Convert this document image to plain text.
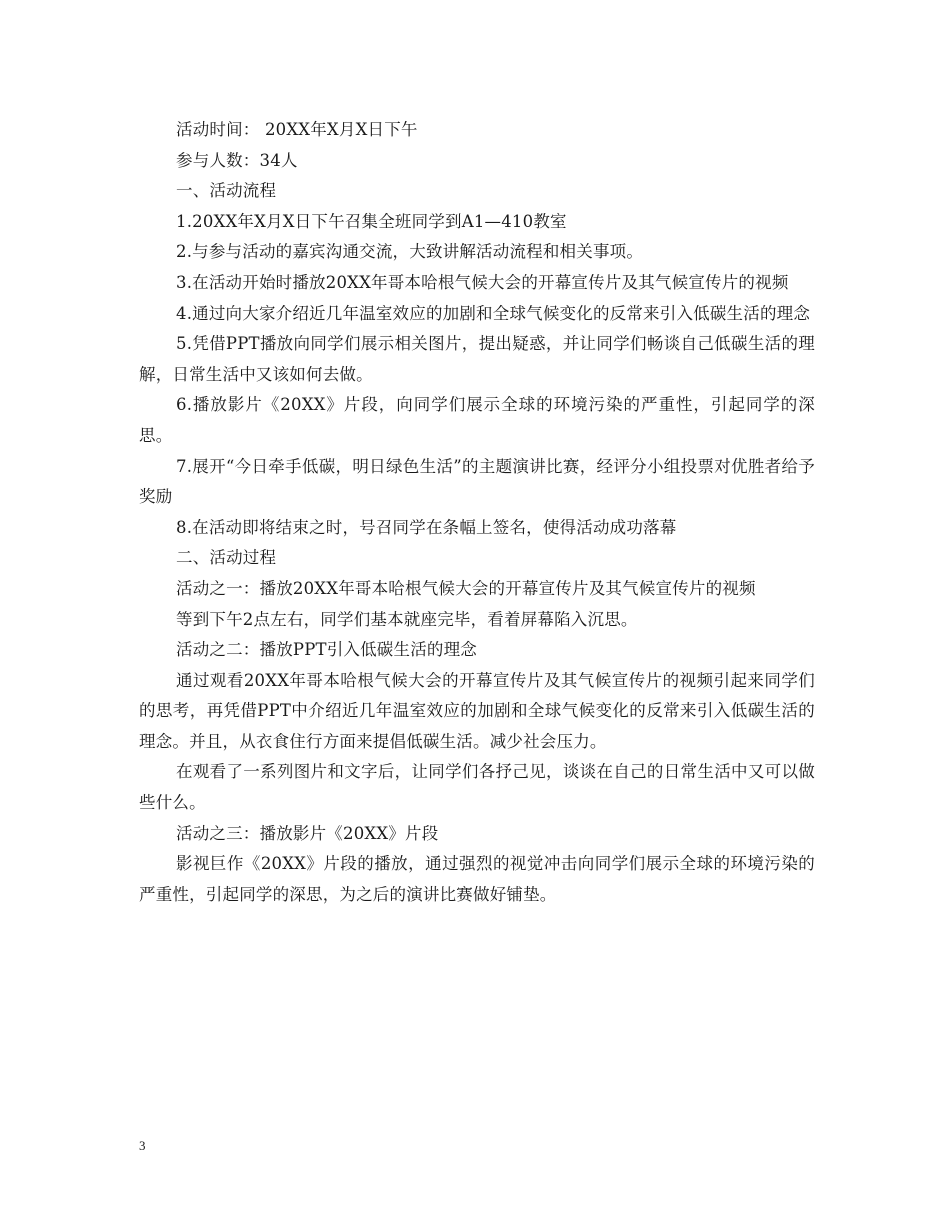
活动时间： 20XX年X月X日下午

参与人数：34人

一、活动流程

1.20XX年X月X日下午召集全班同学到A1—410教室

2.与参与活动的嘉宾沟通交流，大致讲解活动流程和相关事项。

3.在活动开始时播放20XX年哥本哈根气候大会的开幕宣传片及其气候宣传片的视频

4.通过向大家介绍近几年温室效应的加剧和全球气候变化的反常来引入低碳生活的理念

5.凭借PPT播放向同学们展示相关图片，提出疑惑，并让同学们畅谈自己低碳生活的理解，日常生活中又该如何去做。

6.播放影片《20XX》片段，向同学们展示全球的环境污染的严重性，引起同学的深思。

7.展开“今日牵手低碳，明日绿色生活”的主题演讲比赛，经评分小组投票对优胜者给予奖励

8.在活动即将结束之时，号召同学在条幅上签名，使得活动成功落幕

二、活动过程

活动之一：播放20XX年哥本哈根气候大会的开幕宣传片及其气候宣传片的视频

等到下午2点左右，同学们基本就座完毕，看着屏幕陷入沉思。

活动之二：播放PPT引入低碳生活的理念

通过观看20XX年哥本哈根气候大会的开幕宣传片及其气候宣传片的视频引起来同学们的思考，再凭借PPT中介绍近几年温室效应的加剧和全球气候变化的反常来引入低碳生活的理念。并且，从衣食住行方面来提倡低碳生活。减少社会压力。

在观看了一系列图片和文字后，让同学们各抒己见，谈谈在自己的日常生活中又可以做些什么。

活动之三：播放影片《20XX》片段

影视巨作《20XX》片段的播放，通过强烈的视觉冲击向同学们展示全球的环境污染的严重性，引起同学的深思，为之后的演讲比赛做好铺垫。

3
